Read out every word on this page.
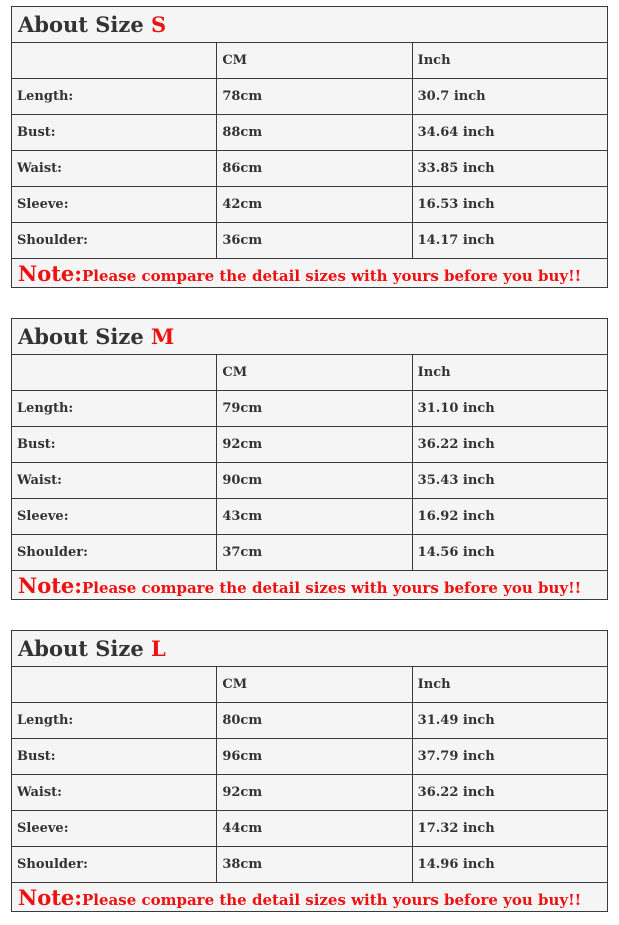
About Size S		
	CM	Inch
Length:	78cm	30.7 inch
Bust:	88cm	34.64 inch
Waist:	86cm	33.85 inch
Sleeve:	42cm	16.53 inch
Shoulder:	36cm	14.17 inch
Note:Please compare the detail sizes with yours before you buy!!		
About Size M		
	CM	Inch
Length:	79cm	31.10 inch
Bust:	92cm	36.22 inch
Waist:	90cm	35.43 inch
Sleeve:	43cm	16.92 inch
Shoulder:	37cm	14.56 inch
Note:Please compare the detail sizes with yours before you buy!!		
About Size L		
	CM	Inch
Length:	80cm	31.49 inch
Bust:	96cm	37.79 inch
Waist:	92cm	36.22 inch
Sleeve:	44cm	17.32 inch
Shoulder:	38cm	14.96 inch
Note:Please compare the detail sizes with yours before you buy!!		
